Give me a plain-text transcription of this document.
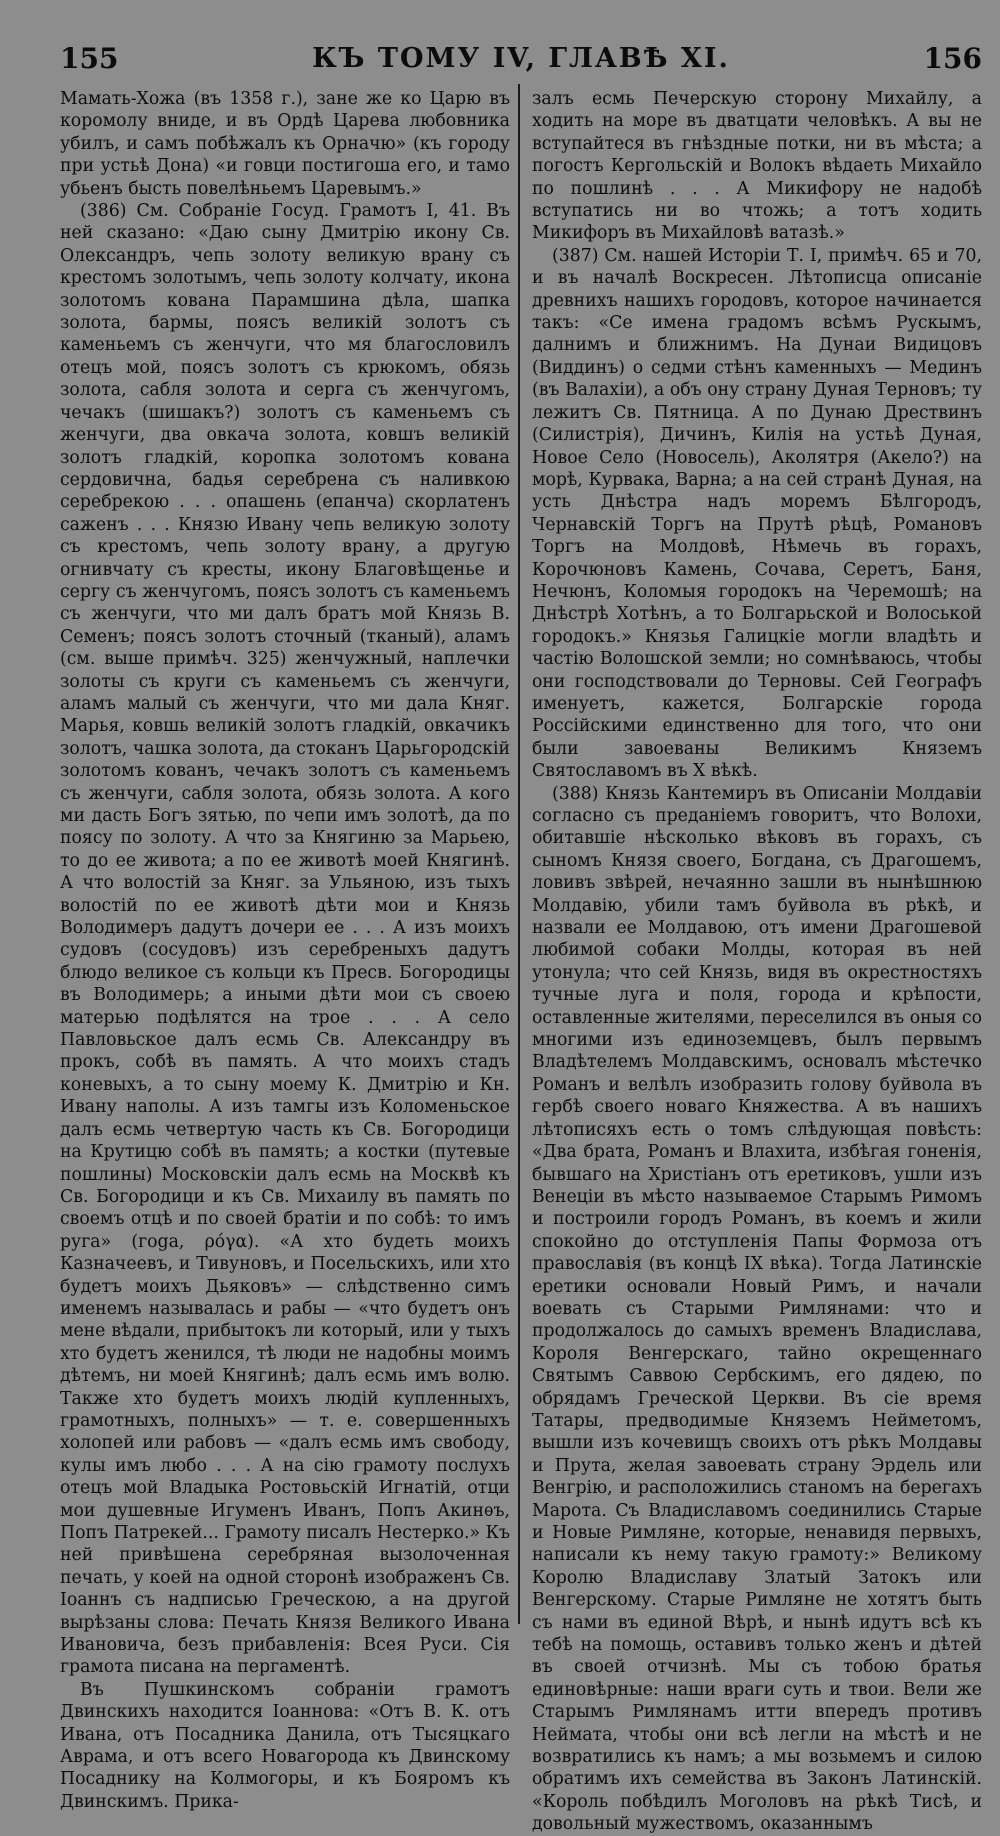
155	КЪ ТОМУ IV, ГЛАВѢ XI.	156

Мамать-Хожа (въ 1358 г.), зане же ко Царю въ коромолу вниде, и въ Ордѣ Царева любовника убилъ, и самъ побѣжалъ къ Орначю» (къ городу при устьѣ Дона) «и говци постигоша его, и тамо убьенъ бысть повелѣньемъ Царевымъ.»

(386) См. Собраніе Госуд. Грамотъ I, 41. Въ ней сказано: «Даю сыну Дмитрію икону Св. Олександръ, чепь золоту великую врану съ крестомъ золотымъ, чепь золоту колчату, икона золотомъ кована Парамшина дѣла, шапка золота, бармы, поясъ великій золотъ съ каменьемъ съ женчуги, что мя благословилъ отецъ мой, поясъ золотъ съ крюкомъ, обязь золота, сабля золота и серга съ женчугомъ, чечакъ (шишакъ?) золотъ съ каменьемъ съ женчуги, два овкача золота, ковшъ великій золотъ гладкій, коропка золотомъ кована сердовична, бадья серебрена съ наливкою серебрекою . . . опашень (епанча) скорлатенъ саженъ . . . Князю Ивану чепь великую золоту съ крестомъ, чепь золоту врану, а другую огнивчату съ кресты, икону Благовѣщенье и сергу съ женчугомъ, поясъ золотъ съ каменьемъ съ женчуги, что ми далъ братъ мой Князь В. Семенъ; поясъ золотъ сточный (тканый), аламъ (см. выше примѣч. 325) женчужный, наплечки золоты съ круги съ каменьемъ съ женчуги, аламъ малый съ женчуги, что ми дала Княг. Марья, ковшь великій золотъ гладкій, овкачикъ золотъ, чашка золота, да стоканъ Царьгородскій золотомъ кованъ, чечакъ золотъ съ каменьемъ съ женчуги, сабля золота, обязь золота. А кого ми дасть Богъ зятью, по чепи имъ золотѣ, да по поясу по золоту. А что за Княгиню за Марьею, то до ее живота; а по ее животѣ моей Княгинѣ. А что волостій за Княг. за Ульяною, изъ тыхъ волостій по ее животѣ дѣти мои и Князь Володимеръ дадутъ дочери ее . . . А изъ моихъ судовъ (сосудовъ) изъ серебреныхъ дадутъ блюдо великое съ кольци къ Пресв. Богородицы въ Володимерь; а иными дѣти мои съ своею матерью подѣлятся на трое . . . А село Павловьское далъ есмь Св. Александру въ прокъ, собѣ въ память. А что моихъ стадъ коневыхъ, а то сыну моему К. Дмитрію и Кн. Ивану наполы. А изъ тамгы изъ Коломеньское далъ есмь четвертую часть къ Св. Богородици на Крутицю собѣ въ память; а костки (путевые пошлины) Московскіи далъ есмь на Москвѣ къ Св. Богородици и къ Св. Михаилу въ память по своемъ отцѣ и по своей братіи и по собѣ: то имъ руга» (гоga, ρόγα). «А хто будеть моихъ Казначеевъ, и Тивуновъ, и Посельскихъ, или хто будетъ моихъ Дьяковъ» — слѣдственно симъ именемъ называлась и рабы — «что будетъ онъ мене вѣдали, прибытокъ ли который, или у тыхъ хто будетъ женился, тѣ люди не надобны моимъ дѣтемъ, ни моей Княгинѣ; далъ есмь имъ волю. Также хто будетъ моихъ людій купленныхъ, грамотныхъ, полныхъ» — т. е. совершенныхъ холопей или рабовъ — «далъ есмь имъ свободу, кулы имъ любо . . . А на сію грамоту послухъ отецъ мой Владыка Ростовьскій Игнатій, отци мои душевные Игуменъ Иванъ, Попъ Акинѳъ, Попъ Патрекей... Грамоту писалъ Нестерко.» Къ ней привѣшена серебряная вызолоченная печать, у коей на одной сторонѣ изображенъ Св. Іоаннъ съ надписью Греческою, а на другой вырѣзаны слова: Печать Князя Великого Ивана Ивановича, безъ прибавленія: Всея Руси. Сія грамота писана на пергаментѣ.

Въ Пушкинскомъ собраніи грамотъ Двинскихъ находится Іоаннова: «Отъ В. К. отъ Ивана, отъ Посадника Данила, отъ Тысяцкаго Аврама, и отъ всего Новагорода къ Двинскому Посаднику на Колмогоры, и къ Бояромъ къ Двинскимъ. Прика-

залъ есмь Печерскую сторону Михайлу, а ходить на море въ дватцати человѣкъ. А вы не вступайтеся въ гнѣздные потки, ни въ мѣста; а погостъ Кергольскій и Волокъ вѣдаеть Михайло по пошлинѣ . . . А Микифору не надобѣ вступатись ни во чтожь; а тотъ ходить Микифоръ въ Михайловѣ ватазѣ.»

(387) См. нашей Исторіи Т. I, примѣч. 65 и 70, и въ началѣ Воскресен. Лѣтописца описаніе древнихъ нашихъ городовъ, которое начинается такъ: «Се имена градомъ всѣмъ Рускымъ, далнимъ и ближнимъ. На Дунаи Видицовъ (Виддинъ) о седми стѣнъ каменныхъ — Мединъ (въ Валахіи), а объ ону страну Дуная Терновъ; ту лежитъ Св. Пятница. А по Дунаю Дрествинъ (Силистрія), Дичинъ, Килія на устьѣ Дуная, Новое Село (Новосель), Аколятря (Акело?) на морѣ, Курвака, Варна; а на сей странѣ Дуная, на усть Днѣстра надъ моремъ Бѣлгородъ, Чернавскій Торгъ на Прутѣ рѣцѣ, Романовъ Торгъ на Молдовѣ, Нѣмечь въ горахъ, Корочюновъ Камень, Сочава, Серетъ, Баня, Нечюнъ, Коломыя городокъ на Черемошѣ; на Днѣстрѣ Хотѣнъ, а то Болгарьской и Волоськой городокъ.» Князья Галицкіе могли владѣть и частію Волошской земли; но сомнѣваюсь, чтобы они господствовали до Терновы. Сей Географъ именуетъ, кажется, Болгарскіе города Россійскими единственно для того, что они были завоеваны Великимъ Княземъ Святославомъ въ X вѣкѣ.

(388) Князь Кантемиръ въ Описаніи Молдавіи согласно съ преданіемъ говоритъ, что Волохи, обитавшіе нѣсколько вѣковъ въ горахъ, съ сыномъ Князя своего, Богдана, съ Драгошемъ, ловивъ звѣрей, нечаянно зашли въ нынѣшнюю Молдавію, убили тамъ буйвола въ рѣкѣ, и назвали ее Молдавою, отъ имени Драгошевой любимой собаки Молды, которая въ ней утонула; что сей Князь, видя въ окрестностяхъ тучные луга и поля, города и крѣпости, оставленные жителями, переселился въ оныя со многими изъ единоземцевъ, былъ первымъ Владѣтелемъ Молдавскимъ, основалъ мѣстечко Романъ и велѣлъ изобразить голову буйвола въ гербѣ своего новаго Княжества. А въ нашихъ лѣтописяхъ есть о томъ слѣдующая повѣсть: «Два брата, Романъ и Влахита, избѣгая гоненія, бывшаго на Христіанъ отъ еретиковъ, ушли изъ Венеціи въ мѣсто называемое Старымъ Римомъ и построили городъ Романъ, въ коемъ и жили спокойно до отступленія Папы Формоза отъ православія (въ концѣ IX вѣка). Тогда Латинскіе еретики основали Новый Римъ, и начали воевать съ Старыми Римлянами: что и продолжалось до самыхъ временъ Владислава, Короля Венгерскаго, тайно окрещеннаго Святымъ Саввою Сербскимъ, его дядею, по обрядамъ Греческой Церкви. Въ сіе время Татары, предводимые Княземъ Нейметомъ, вышли изъ кочевищъ своихъ отъ рѣкъ Молдавы и Прута, желая завоевать страну Эрдель или Венгрію, и расположились станомъ на берегахъ Марота. Съ Владиславомъ соединились Старые и Новые Римляне, которые, ненавидя первыхъ, написали къ нему такую грамоту:» Великому Королю Владиславу Златый Затокъ или Венгерскому. Старые Римляне не хотятъ быть съ нами въ единой Вѣрѣ, и нынѣ идутъ всѣ къ тебѣ на помощь, оставивъ только женъ и дѣтей въ своей отчизнѣ. Мы съ тобою братья единовѣрные: наши враги суть и твои. Вели же Старымъ Римлянамъ итти впередъ противъ Неймата, чтобы они всѣ легли на мѣстѣ и не возвратились къ намъ; а мы возьмемъ и силою обратимъ ихъ семейства въ Законъ Латинскій. «Король побѣдилъ Моголовъ на рѣкѣ Тисѣ, и довольный мужествомъ, оказаннымъ
